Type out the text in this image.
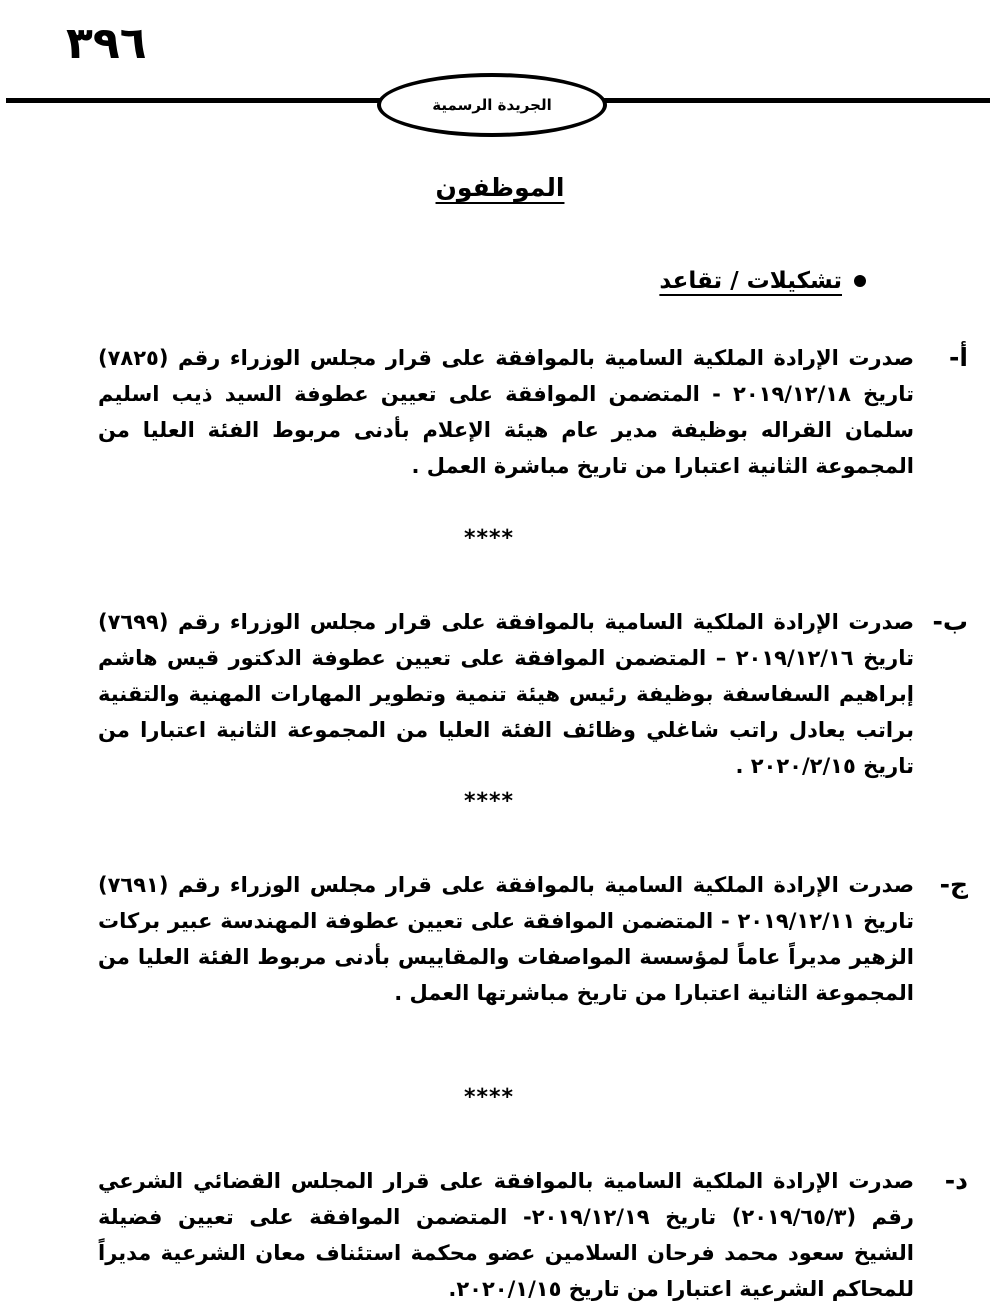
٣٩٦
الجريدة الرسمية
الموظفون
تشكيلات / تقاعد
أ-
صدرت الإرادة الملكية السامية بالموافقة على قرار مجلس الوزراء رقم (٧٨٢٥) تاريخ ٢٠١٩/١٢/١٨ - المتضمن الموافقة على تعيين عطوفة السيد ذيب اسليم سلمان القراله بوظيفة مدير عام هيئة الإعلام بأدنى مربوط الفئة العليا من المجموعة الثانية اعتبارا من تاريخ مباشرة العمل .
****
ب-
صدرت الإرادة الملكية السامية بالموافقة على قرار مجلس الوزراء رقم (٧٦٩٩) تاريخ ٢٠١٩/١٢/١٦ – المتضمن الموافقة على تعيين عطوفة الدكتور قيس هاشم إبراهيم السفاسفة بوظيفة رئيس هيئة تنمية وتطوير المهارات المهنية والتقنية براتب يعادل راتب شاغلي وظائف الفئة العليا من المجموعة الثانية اعتبارا من تاريخ ٢٠٢٠/٢/١٥ .
****
ج-
صدرت الإرادة الملكية السامية بالموافقة على قرار مجلس الوزراء رقم (٧٦٩١) تاريخ ٢٠١٩/١٢/١١ - المتضمن الموافقة على تعيين عطوفة المهندسة عبير بركات الزهير مديراً عاماً لمؤسسة المواصفات والمقاييس بأدنى مربوط الفئة العليا من المجموعة الثانية اعتبارا من تاريخ مباشرتها العمل .
****
د-
صدرت الإرادة الملكية السامية بالموافقة على قرار المجلس القضائي الشرعي رقم (٢٠١٩/٦٥/٣) تاريخ ٢٠١٩/١٢/١٩- المتضمن الموافقة على تعيين فضيلة الشيخ سعود محمد فرحان السلامين عضو محكمة استئناف معان الشرعية مديراً للمحاكم الشرعية اعتبارا من تاريخ ٢٠٢٠/١/١٥.
